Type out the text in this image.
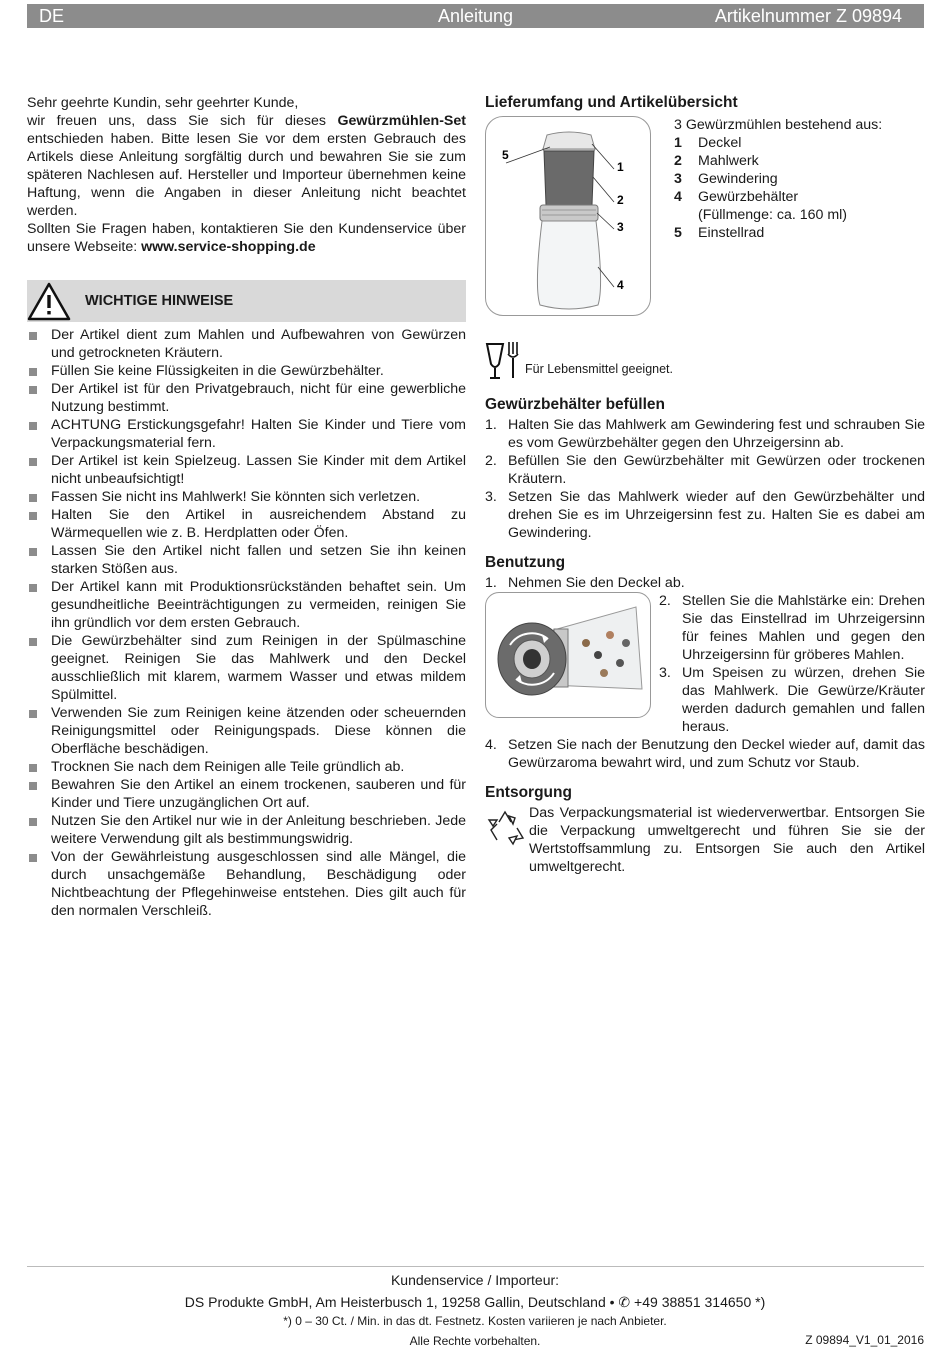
DE	Anleitung	Artikelnummer Z 09894

Sehr geehrte Kundin, sehr geehrter Kunde,

wir freuen uns, dass Sie sich für dieses Gewürzmühlen-Set entschieden haben. Bitte lesen Sie vor dem ersten Gebrauch des Artikels diese Anleitung sorgfältig durch und bewahren Sie sie zum späteren Nachlesen auf. Hersteller und Importeur übernehmen keine Haftung, wenn die Angaben in dieser Anleitung nicht beachtet werden.

Sollten Sie Fragen haben, kontaktieren Sie den Kundenservice über unsere Webseite: www.service-shopping.de

WICHTIGE HINWEISE
Der Artikel dient zum Mahlen und Aufbewahren von Gewürzen und getrockneten Kräutern.
Füllen Sie keine Flüssigkeiten in die Gewürzbehälter.
Der Artikel ist für den Privatgebrauch, nicht für eine gewerbliche Nutzung bestimmt.
ACHTUNG Erstickungsgefahr! Halten Sie Kinder und Tiere vom Verpackungsmaterial fern.
Der Artikel ist kein Spielzeug. Lassen Sie Kinder mit dem Artikel nicht unbeaufsichtigt!
Fassen Sie nicht ins Mahlwerk! Sie könnten sich verletzen.
Halten Sie den Artikel in ausreichendem Abstand zu Wärmequellen wie z. B. Herdplatten oder Öfen.
Lassen Sie den Artikel nicht fallen und setzen Sie ihn keinen starken Stößen aus.
Der Artikel kann mit Produktionsrückständen behaftet sein. Um gesundheitliche Beeinträchtigungen zu vermeiden, reinigen Sie ihn gründlich vor dem ersten Gebrauch.
Die Gewürzbehälter sind zum Reinigen in der Spülmaschine geeignet. Reinigen Sie das Mahlwerk und den Deckel ausschließlich mit klarem, warmem Wasser und etwas mildem Spülmittel.
Verwenden Sie zum Reinigen keine ätzenden oder scheuernden Reinigungsmittel oder Reinigungspads. Diese können die Oberfläche beschädigen.
Trocknen Sie nach dem Reinigen alle Teile gründlich ab.
Bewahren Sie den Artikel an einem trockenen, sauberen und für Kinder und Tiere unzugänglichen Ort auf.
Nutzen Sie den Artikel nur wie in der Anleitung beschrieben. Jede weitere Verwendung gilt als bestimmungswidrig.
Von der Gewährleistung ausgeschlossen sind alle Mängel, die durch unsachgemäße Behandlung, Beschädigung oder Nichtbeachtung der Pflegehinweise entstehen. Dies gilt auch für den normalen Verschleiß.
Lieferumfang und Artikelübersicht
5
1
2
3
4

3 Gewürzmühlen bestehend aus:

1	Deckel
2	Mahlwerk
3	Gewindering
4	Gewürzbehälter
(Füllmenge: ca. 160 ml)
5	Einstellrad
Für Lebensmittel geeignet.
Gewürzbehälter befüllen
1. Halten Sie das Mahlwerk am Gewindering fest und schrauben Sie es vom Gewürzbehälter gegen den Uhrzeigersinn ab.
2. Befüllen Sie den Gewürzbehälter mit Gewürzen oder trockenen Kräutern.
3. Setzen Sie das Mahlwerk wieder auf den Gewürzbehälter und drehen Sie es im Uhrzeigersinn fest zu. Halten Sie es dabei am Gewindering.
Benutzung
1. Nehmen Sie den Deckel ab.
2. Stellen Sie die Mahlstärke ein: Drehen Sie das Einstellrad im Uhrzeigersinn für feines Mahlen und gegen den Uhrzeigersinn für gröberes Mahlen.
3. Um Speisen zu würzen, drehen Sie das Mahlwerk. Die Gewürze/Kräuter werden dadurch gemahlen und fallen heraus.
4. Setzen Sie nach der Benutzung den Deckel wieder auf, damit das Gewürzaroma bewahrt wird, und zum Schutz vor Staub.
Entsorgung

Das Verpackungsmaterial ist wiederverwertbar. Entsorgen Sie die Verpackung umweltgerecht und führen Sie sie der Wertstoffsammlung zu. Entsorgen Sie auch den Artikel umweltgerecht.

Kundenservice / Importeur:
DS Produkte GmbH, Am Heisterbusch 1, 19258 Gallin, Deutschland • ✆ +49 38851 314650 *)
*) 0 – 30 Ct. / Min. in das dt. Festnetz. Kosten variieren je nach Anbieter.
Alle Rechte vorbehalten.	Z 09894_V1_01_2016
